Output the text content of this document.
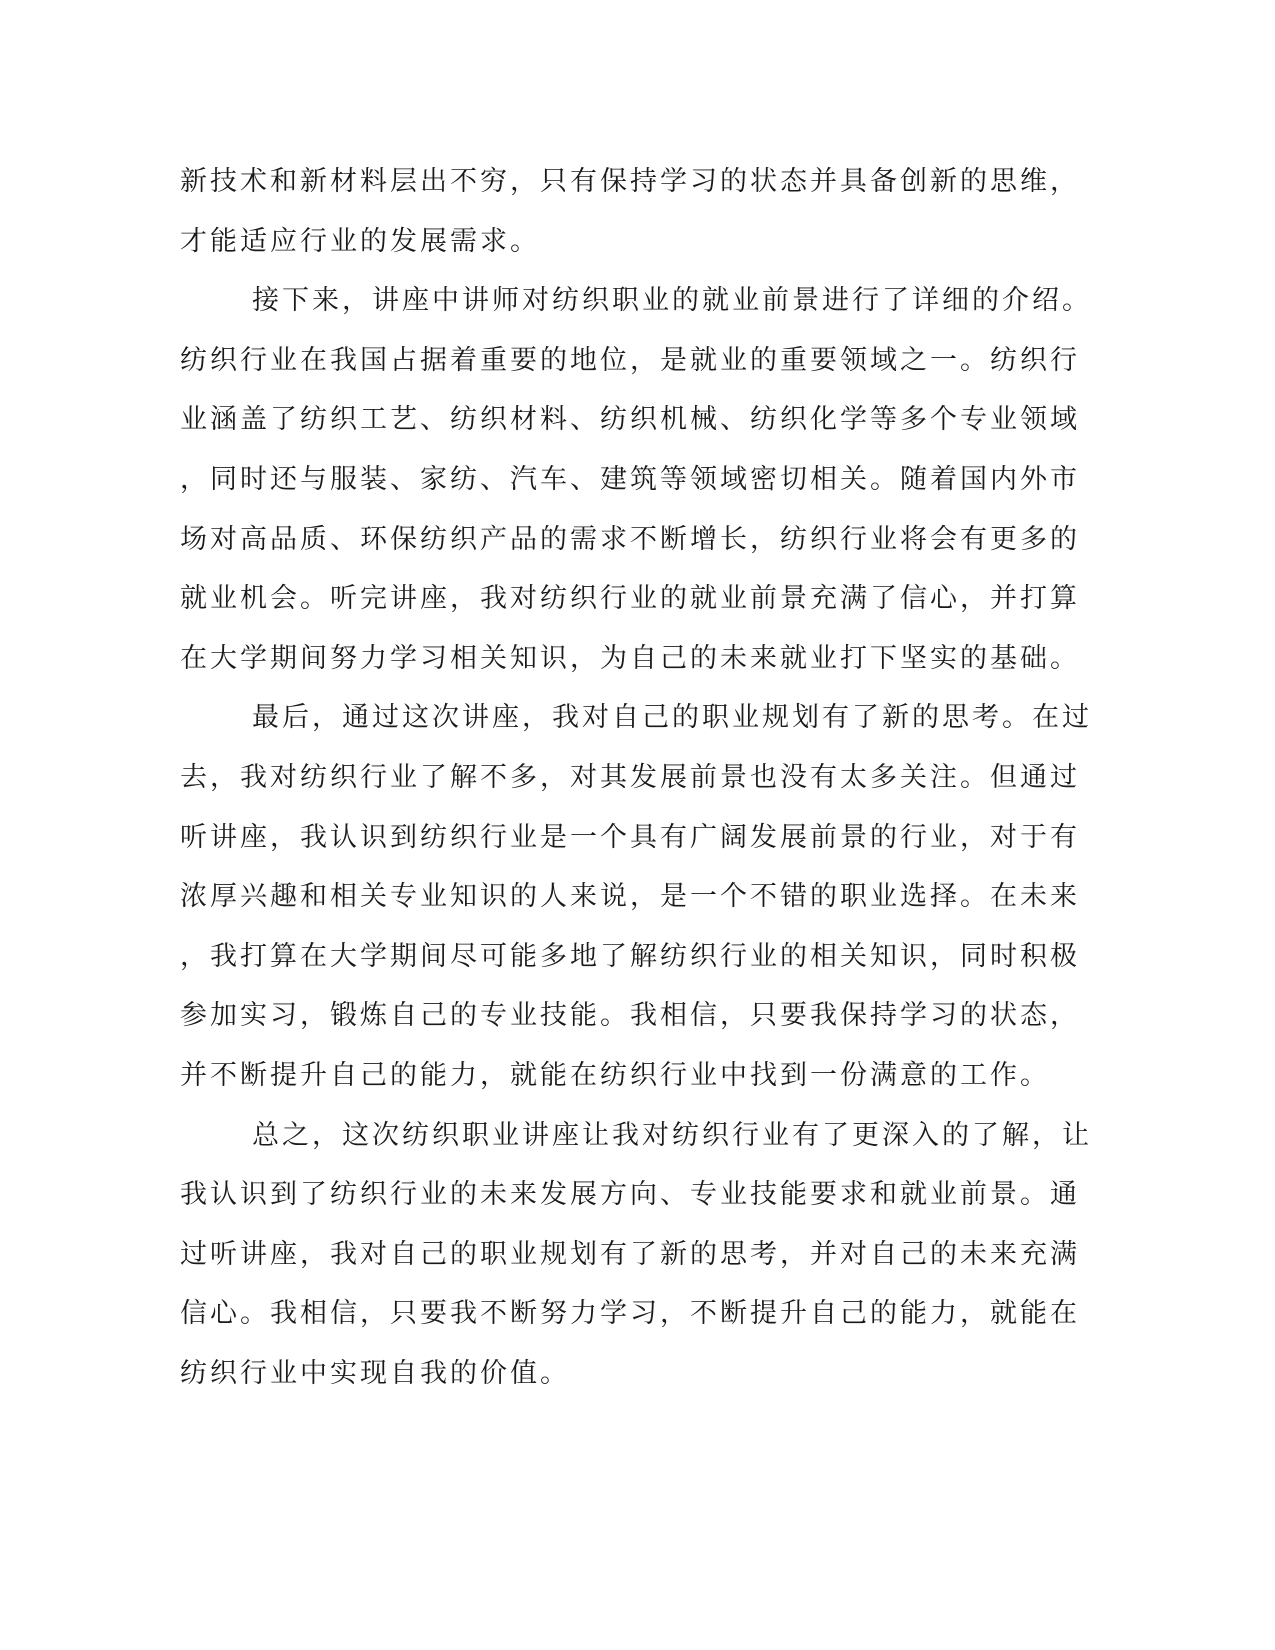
新技术和新材料层出不穷，只有保持学习的状态并具备创新的思维，
才能适应行业的发展需求。
接下来，讲座中讲师对纺织职业的就业前景进行了详细的介绍。
纺织行业在我国占据着重要的地位，是就业的重要领域之一。纺织行
业涵盖了纺织工艺、纺织材料、纺织机械、纺织化学等多个专业领域
，同时还与服装、家纺、汽车、建筑等领域密切相关。随着国内外市
场对高品质、环保纺织产品的需求不断增长，纺织行业将会有更多的
就业机会。听完讲座，我对纺织行业的就业前景充满了信心，并打算
在大学期间努力学习相关知识，为自己的未来就业打下坚实的基础。
最后，通过这次讲座，我对自己的职业规划有了新的思考。在过
去，我对纺织行业了解不多，对其发展前景也没有太多关注。但通过
听讲座，我认识到纺织行业是一个具有广阔发展前景的行业，对于有
浓厚兴趣和相关专业知识的人来说，是一个不错的职业选择。在未来
，我打算在大学期间尽可能多地了解纺织行业的相关知识，同时积极
参加实习，锻炼自己的专业技能。我相信，只要我保持学习的状态，
并不断提升自己的能力，就能在纺织行业中找到一份满意的工作。
总之，这次纺织职业讲座让我对纺织行业有了更深入的了解，让
我认识到了纺织行业的未来发展方向、专业技能要求和就业前景。通
过听讲座，我对自己的职业规划有了新的思考，并对自己的未来充满
信心。我相信，只要我不断努力学习，不断提升自己的能力，就能在
纺织行业中实现自我的价值。
